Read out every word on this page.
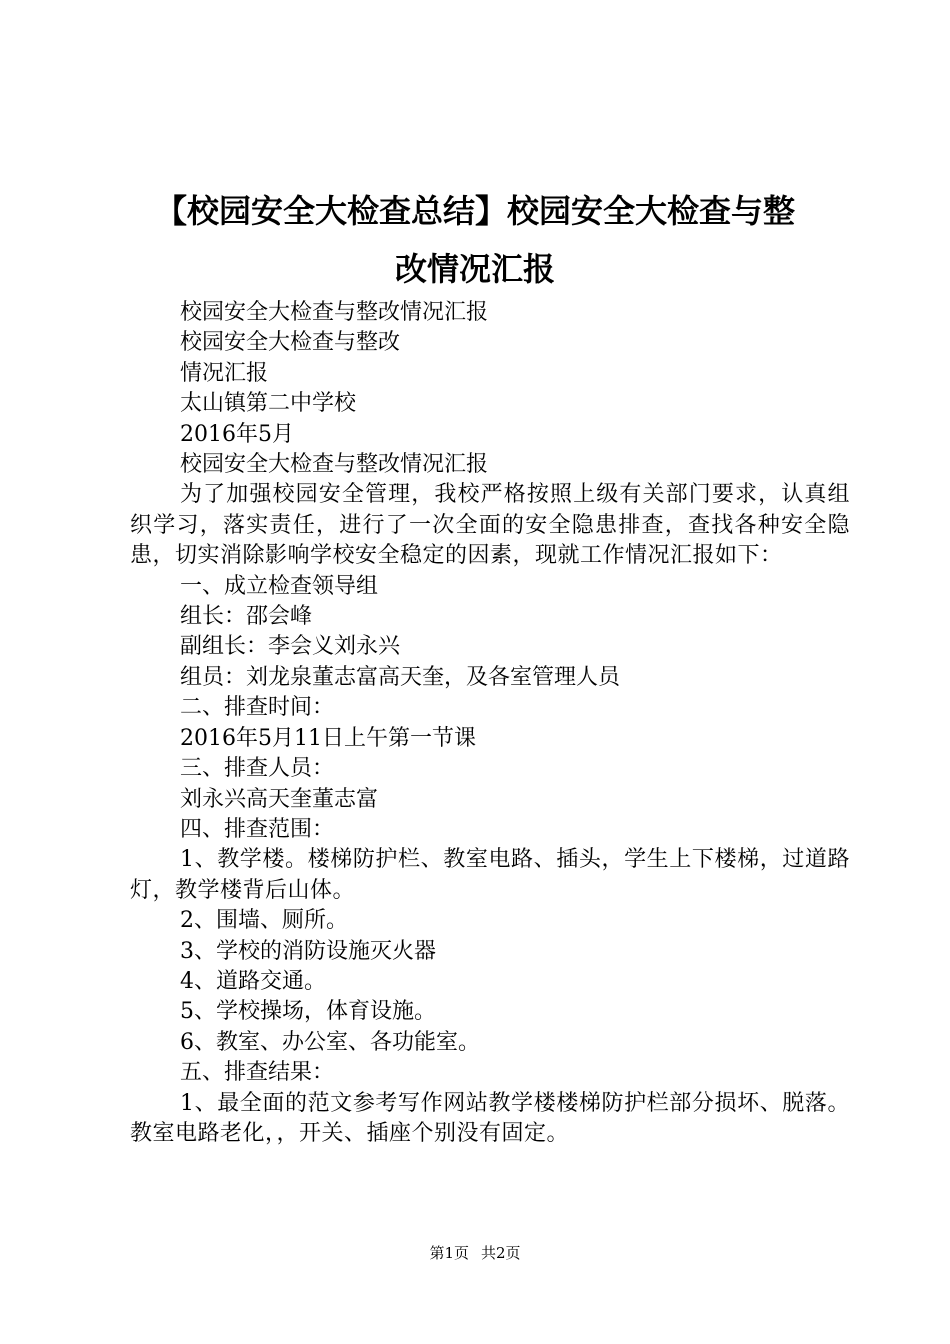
【校园安全大检查总结】校园安全大检查与整
改情况汇报

校园安全大检查与整改情况汇报

校园安全大检查与整改

情况汇报

太山镇第二中学校

2016年5月

校园安全大检查与整改情况汇报

为了加强校园安全管理，我校严格按照上级有关部门要求，认真组织学习，落实责任，进行了一次全面的安全隐患排查，查找各种安全隐患，切实消除影响学校安全稳定的因素，现就工作情况汇报如下：

一、成立检查领导组

组长：邵会峰

副组长：李会义刘永兴

组员：刘龙泉董志富高天奎，及各室管理人员

二、排查时间：

2016年5月11日上午第一节课

三、排查人员：

刘永兴高天奎董志富

四、排查范围：

1、教学楼。楼梯防护栏、教室电路、插头，学生上下楼梯，过道路灯，教学楼背后山体。

2、围墙、厕所。

3、学校的消防设施灭火器

4、道路交通。

5、学校操场，体育设施。

6、教室、办公室、各功能室。

五、排查结果：

1、最全面的范文参考写作网站教学楼楼梯防护栏部分损坏、脱落。教室电路老化，，开关、插座个别没有固定。

第1页 共2页
